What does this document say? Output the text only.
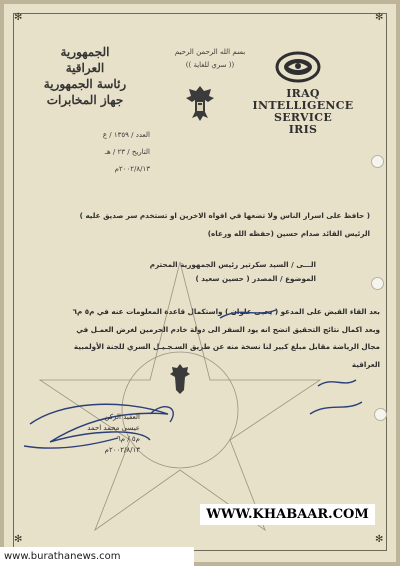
✻	✻
✻	✻
الجمهورية العراقية
رئاسة الجمهورية
جهاز المخابرات
بسم الله الرحمن الرحيم
(( سري للغاية ))
IRAQ
INTELLIGENCE SERVICE
IRIS
العدد / ١٣٥٩ / ع
التاريخ / ٢٣ / هـ
٢٠٠٢/٨/١٣م
( حافظ على اسرار الناس ولا تضعها في افواه الاخرين او تستخدم سر صديق عليه )
الرئيس القائد صدام حسين (حفظه الله ورعاه)
الـــى / السيد سكرتير رئيس الجمهورية المحترم
الموضوع / المصدر ( حسين سعيد )
بعد القاء القبض على المدعو ( يحيى علوان ) واستكمال قاعدة المعلومات عنه في م٥ م٦
وبعد اكمال نتائج التحقيق اتضح انه يود السفر الى دولة خادم الحرمين لغرض العمـل في
مجال الرياضة مقابل مبلغ كبير لنا نسخة منه عن طريق السـجـيـل السري للجنة الأولمبية
العراقية
العقيد الركن
عيسى محمد احمد
م٥ / م٦
٢٠٠٢/٨/١٣م
WWW.KHABAAR.COM
www.burathanews.com
